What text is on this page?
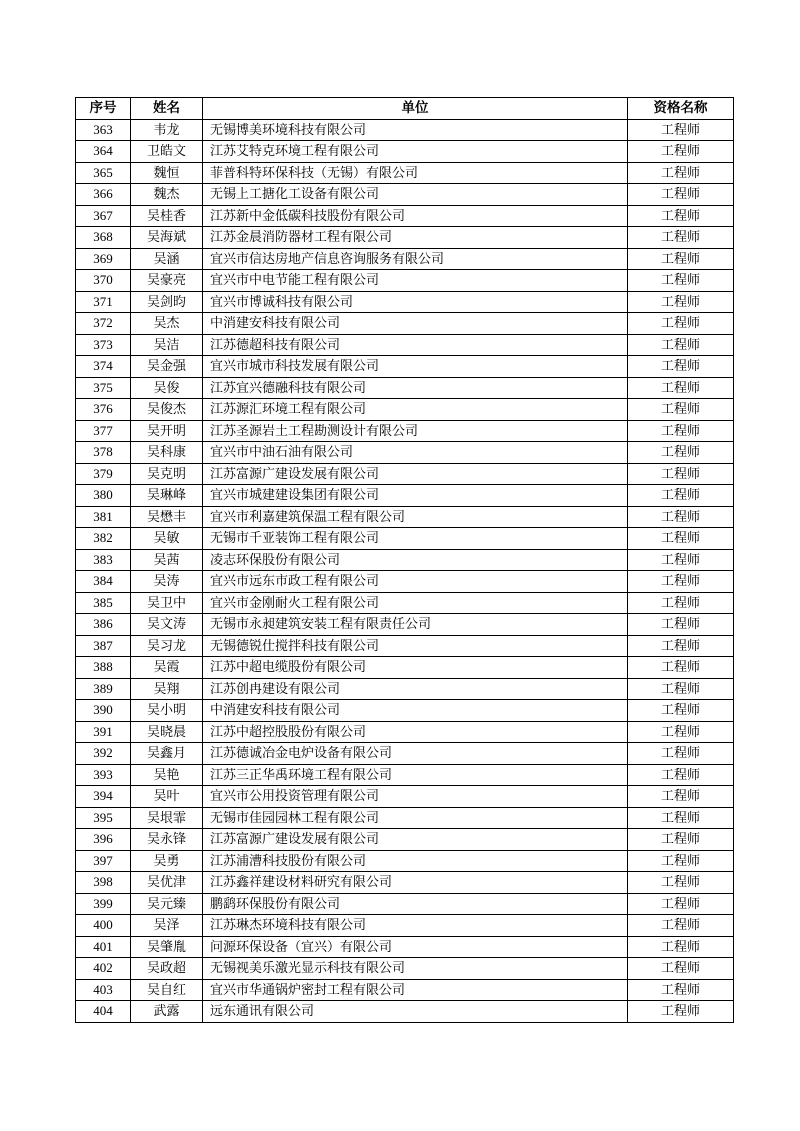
序号	姓名	单位	资格名称
363	韦龙	无锡博美环境科技有限公司	工程师
364	卫皓文	江苏艾特克环境工程有限公司	工程师
365	魏恒	菲普科特环保科技（无锡）有限公司	工程师
366	魏杰	无锡上工搪化工设备有限公司	工程师
367	吴桂香	江苏新中金低碳科技股份有限公司	工程师
368	吴海斌	江苏金晨消防器材工程有限公司	工程师
369	吴涵	宜兴市信达房地产信息咨询服务有限公司	工程师
370	吴豪亮	宜兴市中电节能工程有限公司	工程师
371	吴剑昀	宜兴市博诚科技有限公司	工程师
372	吴杰	中消建安科技有限公司	工程师
373	吴洁	江苏德超科技有限公司	工程师
374	吴金强	宜兴市城市科技发展有限公司	工程师
375	吴俊	江苏宜兴德融科技有限公司	工程师
376	吴俊杰	江苏源汇环境工程有限公司	工程师
377	吴开明	江苏圣源岩土工程勘测设计有限公司	工程师
378	吴科康	宜兴市中油石油有限公司	工程师
379	吴克明	江苏富源广建设发展有限公司	工程师
380	吴琳峰	宜兴市城建建设集团有限公司	工程师
381	吴懋丰	宜兴市利嘉建筑保温工程有限公司	工程师
382	吴敏	无锡市千亚装饰工程有限公司	工程师
383	吴茜	凌志环保股份有限公司	工程师
384	吴涛	宜兴市远东市政工程有限公司	工程师
385	吴卫中	宜兴市金刚耐火工程有限公司	工程师
386	吴文涛	无锡市永昶建筑安装工程有限责任公司	工程师
387	吴习龙	无锡德锐仕搅拌科技有限公司	工程师
388	吴霞	江苏中超电缆股份有限公司	工程师
389	吴翔	江苏创冉建设有限公司	工程师
390	吴小明	中消建安科技有限公司	工程师
391	吴晓晨	江苏中超控股股份有限公司	工程师
392	吴鑫月	江苏德诚冶金电炉设备有限公司	工程师
393	吴艳	江苏三正华禹环境工程有限公司	工程师
394	吴叶	宜兴市公用投资管理有限公司	工程师
395	吴垠霏	无锡市佳园园林工程有限公司	工程师
396	吴永锋	江苏富源广建设发展有限公司	工程师
397	吴勇	江苏浦漕科技股份有限公司	工程师
398	吴优津	江苏鑫祥建设材料研究有限公司	工程师
399	吴元臻	鹏鹞环保股份有限公司	工程师
400	吴泽	江苏琳杰环境科技有限公司	工程师
401	吴肇胤	问源环保设备（宜兴）有限公司	工程师
402	吴政超	无锡视美乐激光显示科技有限公司	工程师
403	吴自红	宜兴市华通锅炉密封工程有限公司	工程师
404	武露	远东通讯有限公司	工程师
